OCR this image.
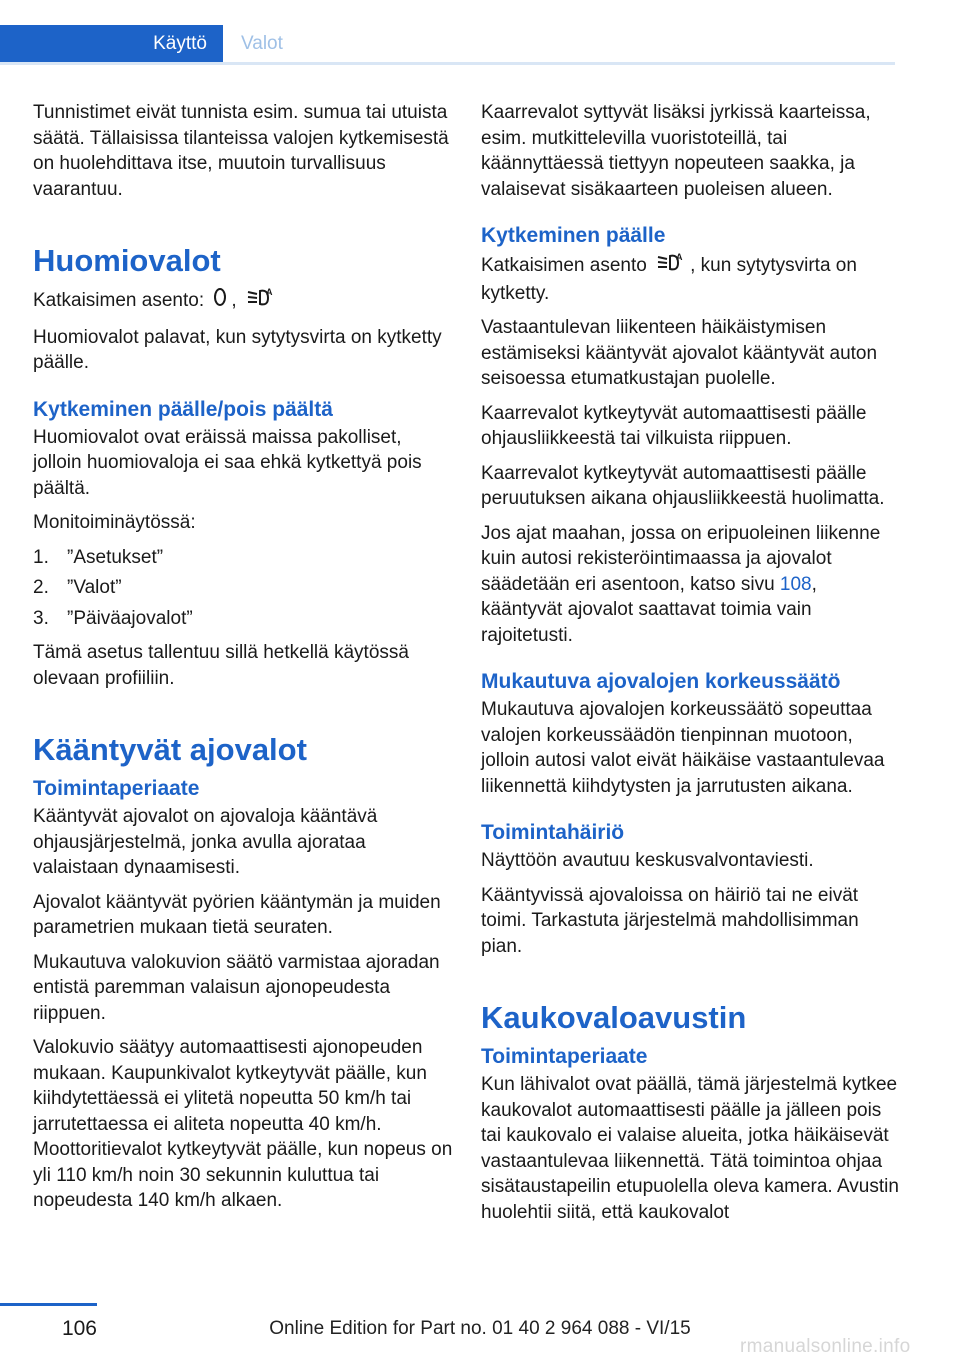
Käyttö Valot

Tunnistimet eivät tunnista esim. sumua tai utuista säätä. Tällaisissa tilanteissa valojen kytkemisestä on huolehdittava itse, muutoin turvallisuus vaarantuu.

Huomiovalot

Katkaisimen asento: ,	A

Huomiovalot palavat, kun sytytysvirta on kytketty päälle.

Kytkeminen päälle/pois päältä

Huomiovalot ovat eräissä maissa pakolliset, jolloin huomiovaloja ei saa ehkä kytkettyä pois päältä.

Monitoiminäytössä:

1. ”Asetukset”
2. ”Valot”
3. ”Päiväajovalot”

Tämä asetus tallentuu sillä hetkellä käytössä olevaan profiiliin.

Kääntyvät ajovalot
Toimintaperiaate

Kääntyvät ajovalot on ajovaloja kääntävä ohjausjärjestelmä, jonka avulla ajorataa valaistaan dynaamisesti.

Ajovalot kääntyvät pyörien kääntymän ja muiden parametrien mukaan tietä seuraten.

Mukautuva valokuvion säätö varmistaa ajoradan entistä paremman valaisun ajonopeudesta riippuen.

Valokuvio säätyy automaattisesti ajonopeuden mukaan. Kaupunkivalot kytkeytyvät päälle, kun kiihdytettäessä ei ylitetä nopeutta 50 km/h tai jarrutettaessa ei aliteta nopeutta 40 km/h. Moottoritievalot kytkeytyvät päälle, kun nopeus on yli 110 km/h noin 30 sekunnin kuluttua tai nopeudesta 140 km/h alkaen.

Kaarrevalot syttyvät lisäksi jyrkissä kaarteissa, esim. mutkittelevilla vuoristoteillä, tai käännyttäessä tiettyyn nopeuteen saakka, ja valaisevat sisäkaarteen puoleisen alueen.

Kytkeminen päälle

Katkaisimen asento	A , kun sytytysvirta on kytketty.

Vastaantulevan liikenteen häikäistymisen estämiseksi kääntyvät ajovalot kääntyvät auton seisoessa etumatkustajan puolelle.

Kaarrevalot kytkeytyvät automaattisesti päälle ohjausliikkeestä tai vilkuista riippuen.

Kaarrevalot kytkeytyvät automaattisesti päälle peruutuksen aikana ohjausliikkeestä huolimatta.

Jos ajat maahan, jossa on eripuoleinen liikenne kuin autosi rekisteröintimaassa ja ajovalot säädetään eri asentoon, katso sivu 108, kääntyvät ajovalot saattavat toimia vain rajoitetusti.

Mukautuva ajovalojen korkeussäätö

Mukautuva ajovalojen korkeussäätö sopeuttaa valojen korkeussäädön tienpinnan muotoon, jolloin autosi valot eivät häikäise vastaantulevaa liikennettä kiihdytysten ja jarrutusten aikana.

Toimintahäiriö

Näyttöön avautuu keskusvalvontaviesti.

Kääntyvissä ajovaloissa on häiriö tai ne eivät toimi. Tarkastuta järjestelmä mahdollisimman pian.

Kaukovaloavustin
Toimintaperiaate

Kun lähivalot ovat päällä, tämä järjestelmä kytkee kaukovalot automaattisesti päälle ja jälleen pois tai kaukovalo ei valaise alueita, jotka häikäisevät vastaantulevaa liikennettä. Tätä toimintoa ohjaa sisätaustapeilin etupuolella oleva kamera. Avustin huolehtii siitä, että kaukovalot

106	Online Edition for Part no. 01 40 2 964 088 - VI/15
rmanualsonline.info
